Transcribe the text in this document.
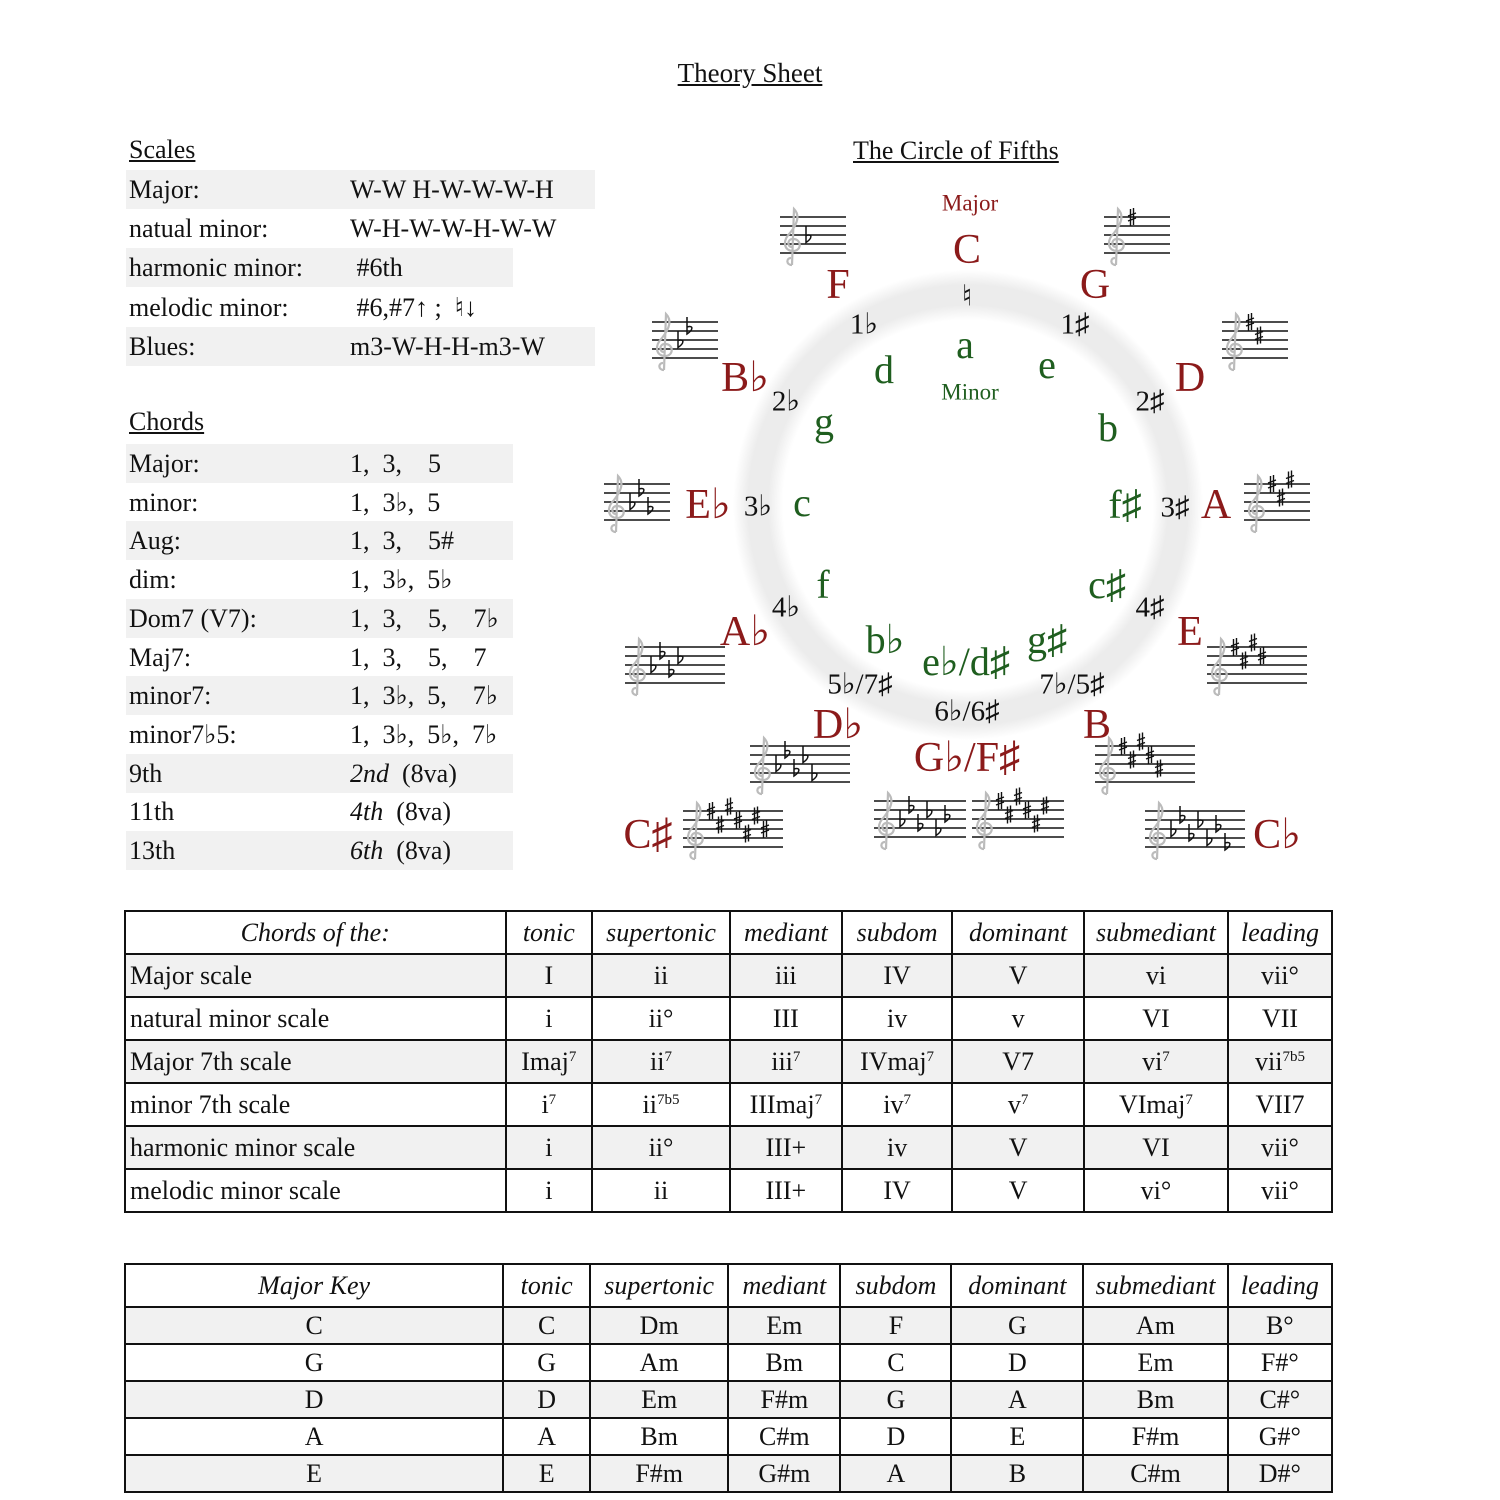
Theory Sheet
Scales
Major:	W-W H-W-W-W-H
natual minor:	W-H-W-W-H-W-W
harmonic minor: #6th
melodic minor: #6,#7↑ ;  ♮↓
Blues:	m3-W-H-H-m3-W
Chords
Major:	1,  3,    5
minor:	1,  3♭,  5
Aug:	1,  3,    5#
dim:	1,  3♭,  5♭
Dom7 (V7):	1,  3,    5,    7♭
Maj7:	1,  3,    5,    7
minor7:	1,  3♭,  5,    7♭
minor7♭5:	1,  3♭,  5♭,  7♭
9th	2nd  (8va)
11th	4th  (8va)
13th	6th  (8va)
The Circle of Fifths
Major
Minor
C
♮
a
G
1♯
e	D
2♯
b
A
3♯
f♯
E
4♯
c♯
B
7♭/5♯
g♯
G♭/F♯
6♭/6♯
e♭/d♯
D♭
5♭/7♯
b♭
A♭
4♭
f
E♭ 3♭ c
B♭
2♭ g
F
1♭
d
C♯	C♭
Chords of the:	tonic	supertonic	mediant	subdom	dominant	submediant	leading
Major scale	I	ii	iii	IV	V	vi	vii°
natural minor scale	i	ii°	III	iv	v	VI	VII
Major 7th scale	Imaj$^7$	$ii^7$	iii$^7$	IVmaj$^7$	V7	$vi^7$	vii$^{7b5}$
minor 7th scale	$i^7$	$ii^{7b5}$	IIImaj$^7$	$iv^7$	$v^7$	VImaj$^7$	VII7
harmonic minor scale	i	ii°	III+	iv	V	VI	vii°
melodic minor scale	i	ii	III+	IV	V	vi°	vii°
Major Key	tonic	supertonic	mediant	subdom	dominant	submediant	leading
C	C	Dm	Em	F	G	Am	B°
G	G	Am	Bm	C	D	Em	F#°
D	D	Em	F#m	G	A	Bm	C#°
A	A	Bm	C#m	D	E	F#m	G#°
E	E	F#m	G#m	A	B	C#m	D#°
